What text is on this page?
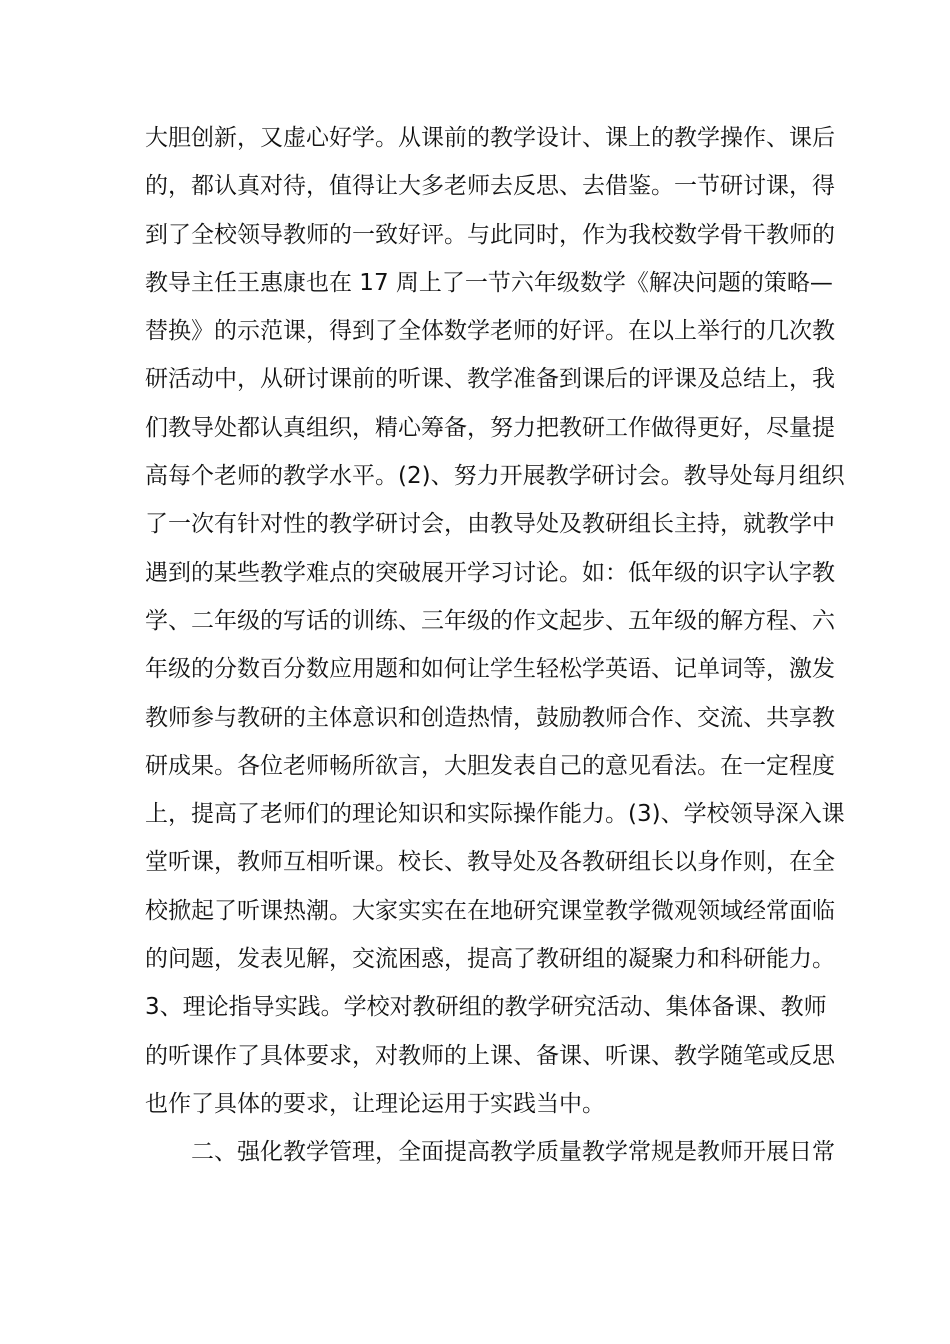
大胆创新，又虚心好学。从课前的教学设计、课上的教学操作、课后
的，都认真对待，值得让大多老师去反思、去借鉴。一节研讨课，得
到了全校领导教师的一致好评。与此同时，作为我校数学骨干教师的
教导主任王惠康也在 17 周上了一节六年级数学《解决问题的策略—
替换》的示范课，得到了全体数学老师的好评。在以上举行的几次教
研活动中，从研讨课前的听课、教学准备到课后的评课及总结上，我
们教导处都认真组织，精心筹备，努力把教研工作做得更好，尽量提
高每个老师的教学水平。(2)、努力开展教学研讨会。教导处每月组织
了一次有针对性的教学研讨会，由教导处及教研组长主持，就教学中
遇到的某些教学难点的突破展开学习讨论。如：低年级的识字认字教
学、二年级的写话的训练、三年级的作文起步、五年级的解方程、六
年级的分数百分数应用题和如何让学生轻松学英语、记单词等，激发
教师参与教研的主体意识和创造热情，鼓励教师合作、交流、共享教
研成果。各位老师畅所欲言，大胆发表自己的意见看法。在一定程度
上，提高了老师们的理论知识和实际操作能力。(3)、学校领导深入课
堂听课，教师互相听课。校长、教导处及各教研组长以身作则，在全
校掀起了听课热潮。大家实实在在地研究课堂教学微观领域经常面临
的问题，发表见解，交流困惑，提高了教研组的凝聚力和科研能力。
3、理论指导实践。学校对教研组的教学研究活动、集体备课、教师
的听课作了具体要求，对教师的上课、备课、听课、教学随笔或反思
也作了具体的要求，让理论运用于实践当中。
二、强化教学管理，全面提高教学质量教学常规是教师开展日常
